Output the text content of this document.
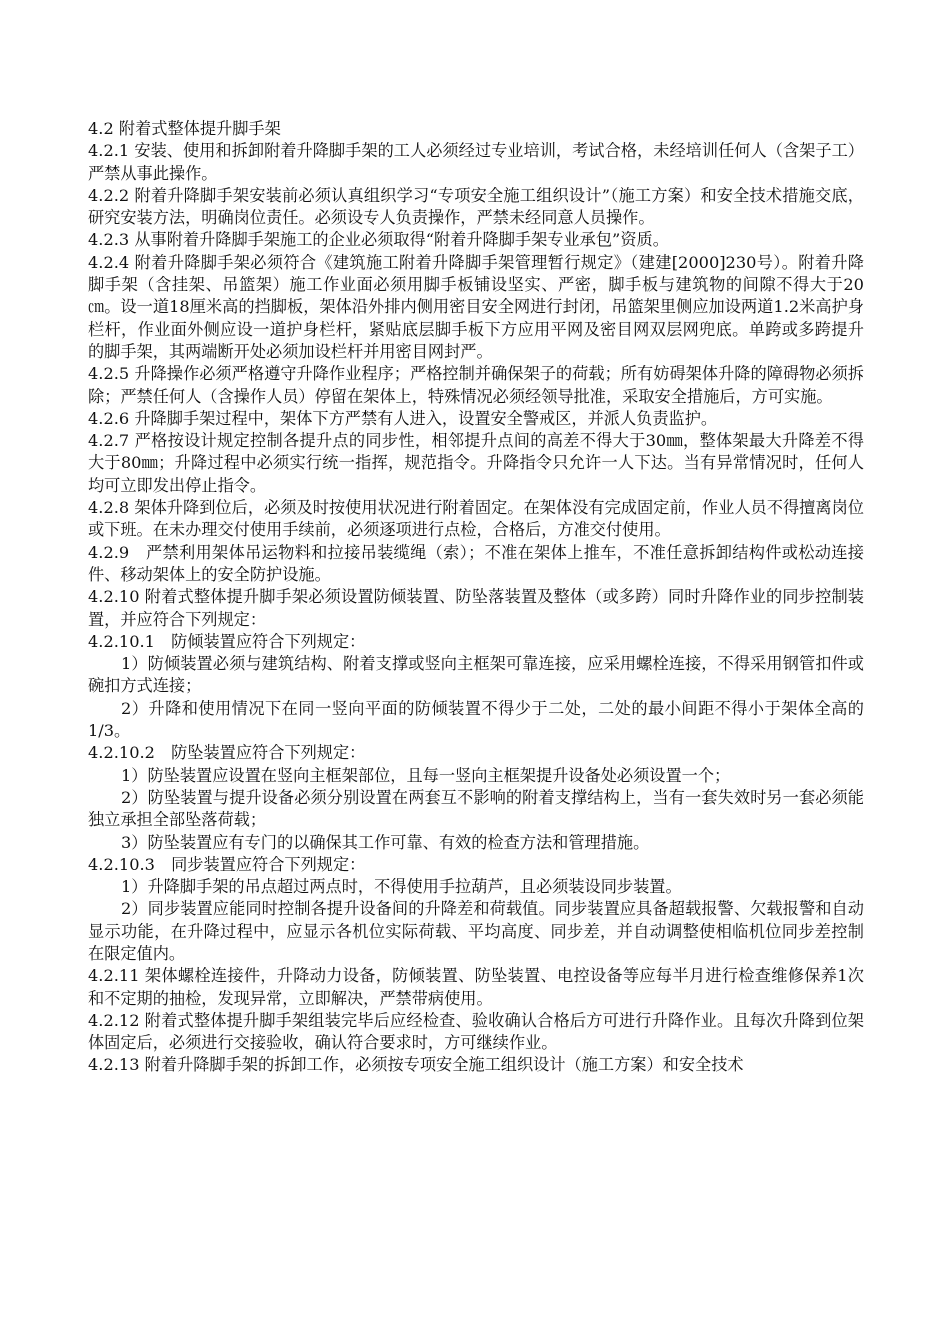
4.2 附着式整体提升脚手架

4.2.1 安装、使用和拆卸附着升降脚手架的工人必须经过专业培训，考试合格，未经培训任何人（含架子工）严禁从事此操作。

4.2.2 附着升降脚手架安装前必须认真组织学习“专项安全施工组织设计”（施工方案）和安全技术措施交底，研究安装方法，明确岗位责任。必须设专人负责操作，严禁未经同意人员操作。

4.2.3 从事附着升降脚手架施工的企业必须取得“附着升降脚手架专业承包”资质。

4.2.4 附着升降脚手架必须符合《建筑施工附着升降脚手架管理暂行规定》（建建[2000]230号）。附着升降脚手架（含挂架、吊篮架）施工作业面必须用脚手板铺设坚实、严密，脚手板与建筑物的间隙不得大于20㎝。设一道18厘米高的挡脚板，架体沿外排内侧用密目安全网进行封闭，吊篮架里侧应加设两道1.2米高护身栏杆，作业面外侧应设一道护身栏杆，紧贴底层脚手板下方应用平网及密目网双层网兜底。单跨或多跨提升的脚手架，其两端断开处必须加设栏杆并用密目网封严。

4.2.5 升降操作必须严格遵守升降作业程序；严格控制并确保架子的荷载；所有妨碍架体升降的障碍物必须拆除；严禁任何人（含操作人员）停留在架体上，特殊情况必须经领导批准，采取安全措施后，方可实施。

4.2.6 升降脚手架过程中，架体下方严禁有人进入，设置安全警戒区，并派人负责监护。

4.2.7 严格按设计规定控制各提升点的同步性，相邻提升点间的高差不得大于30㎜，整体架最大升降差不得大于80㎜；升降过程中必须实行统一指挥，规范指令。升降指令只允许一人下达。当有异常情况时，任何人均可立即发出停止指令。

4.2.8 架体升降到位后，必须及时按使用状况进行附着固定。在架体没有完成固定前，作业人员不得擅离岗位或下班。在未办理交付使用手续前，必须逐项进行点检，合格后，方准交付使用。

4.2.9　严禁利用架体吊运物料和拉接吊装缆绳（索）；不准在架体上推车，不准任意拆卸结构件或松动连接件、移动架体上的安全防护设施。

4.2.10 附着式整体提升脚手架必须设置防倾装置、防坠落装置及整体（或多跨）同时升降作业的同步控制装置，并应符合下列规定：

4.2.10.1　防倾装置应符合下列规定：

1）防倾装置必须与建筑结构、附着支撑或竖向主框架可靠连接，应采用螺栓连接，不得采用钢管扣件或碗扣方式连接；

2）升降和使用情况下在同一竖向平面的防倾装置不得少于二处，二处的最小间距不得小于架体全高的1/3。

4.2.10.2　防坠装置应符合下列规定：

1）防坠装置应设置在竖向主框架部位，且每一竖向主框架提升设备处必须设置一个；

2）防坠装置与提升设备必须分别设置在两套互不影响的附着支撑结构上，当有一套失效时另一套必须能独立承担全部坠落荷载；

3）防坠装置应有专门的以确保其工作可靠、有效的检查方法和管理措施。

4.2.10.3　同步装置应符合下列规定：

1）升降脚手架的吊点超过两点时，不得使用手拉葫芦，且必须装设同步装置。

2）同步装置应能同时控制各提升设备间的升降差和荷载值。同步装置应具备超载报警、欠载报警和自动显示功能，在升降过程中，应显示各机位实际荷载、平均高度、同步差，并自动调整使相临机位同步差控制在限定值内。

4.2.11 架体螺栓连接件，升降动力设备，防倾装置、防坠装置、电控设备等应每半月进行检查维修保养1次和不定期的抽检，发现异常，立即解决，严禁带病使用。

4.2.12 附着式整体提升脚手架组装完毕后应经检查、验收确认合格后方可进行升降作业。且每次升降到位架体固定后，必须进行交接验收，确认符合要求时，方可继续作业。

4.2.13 附着升降脚手架的拆卸工作，必须按专项安全施工组织设计（施工方案）和安全技术
